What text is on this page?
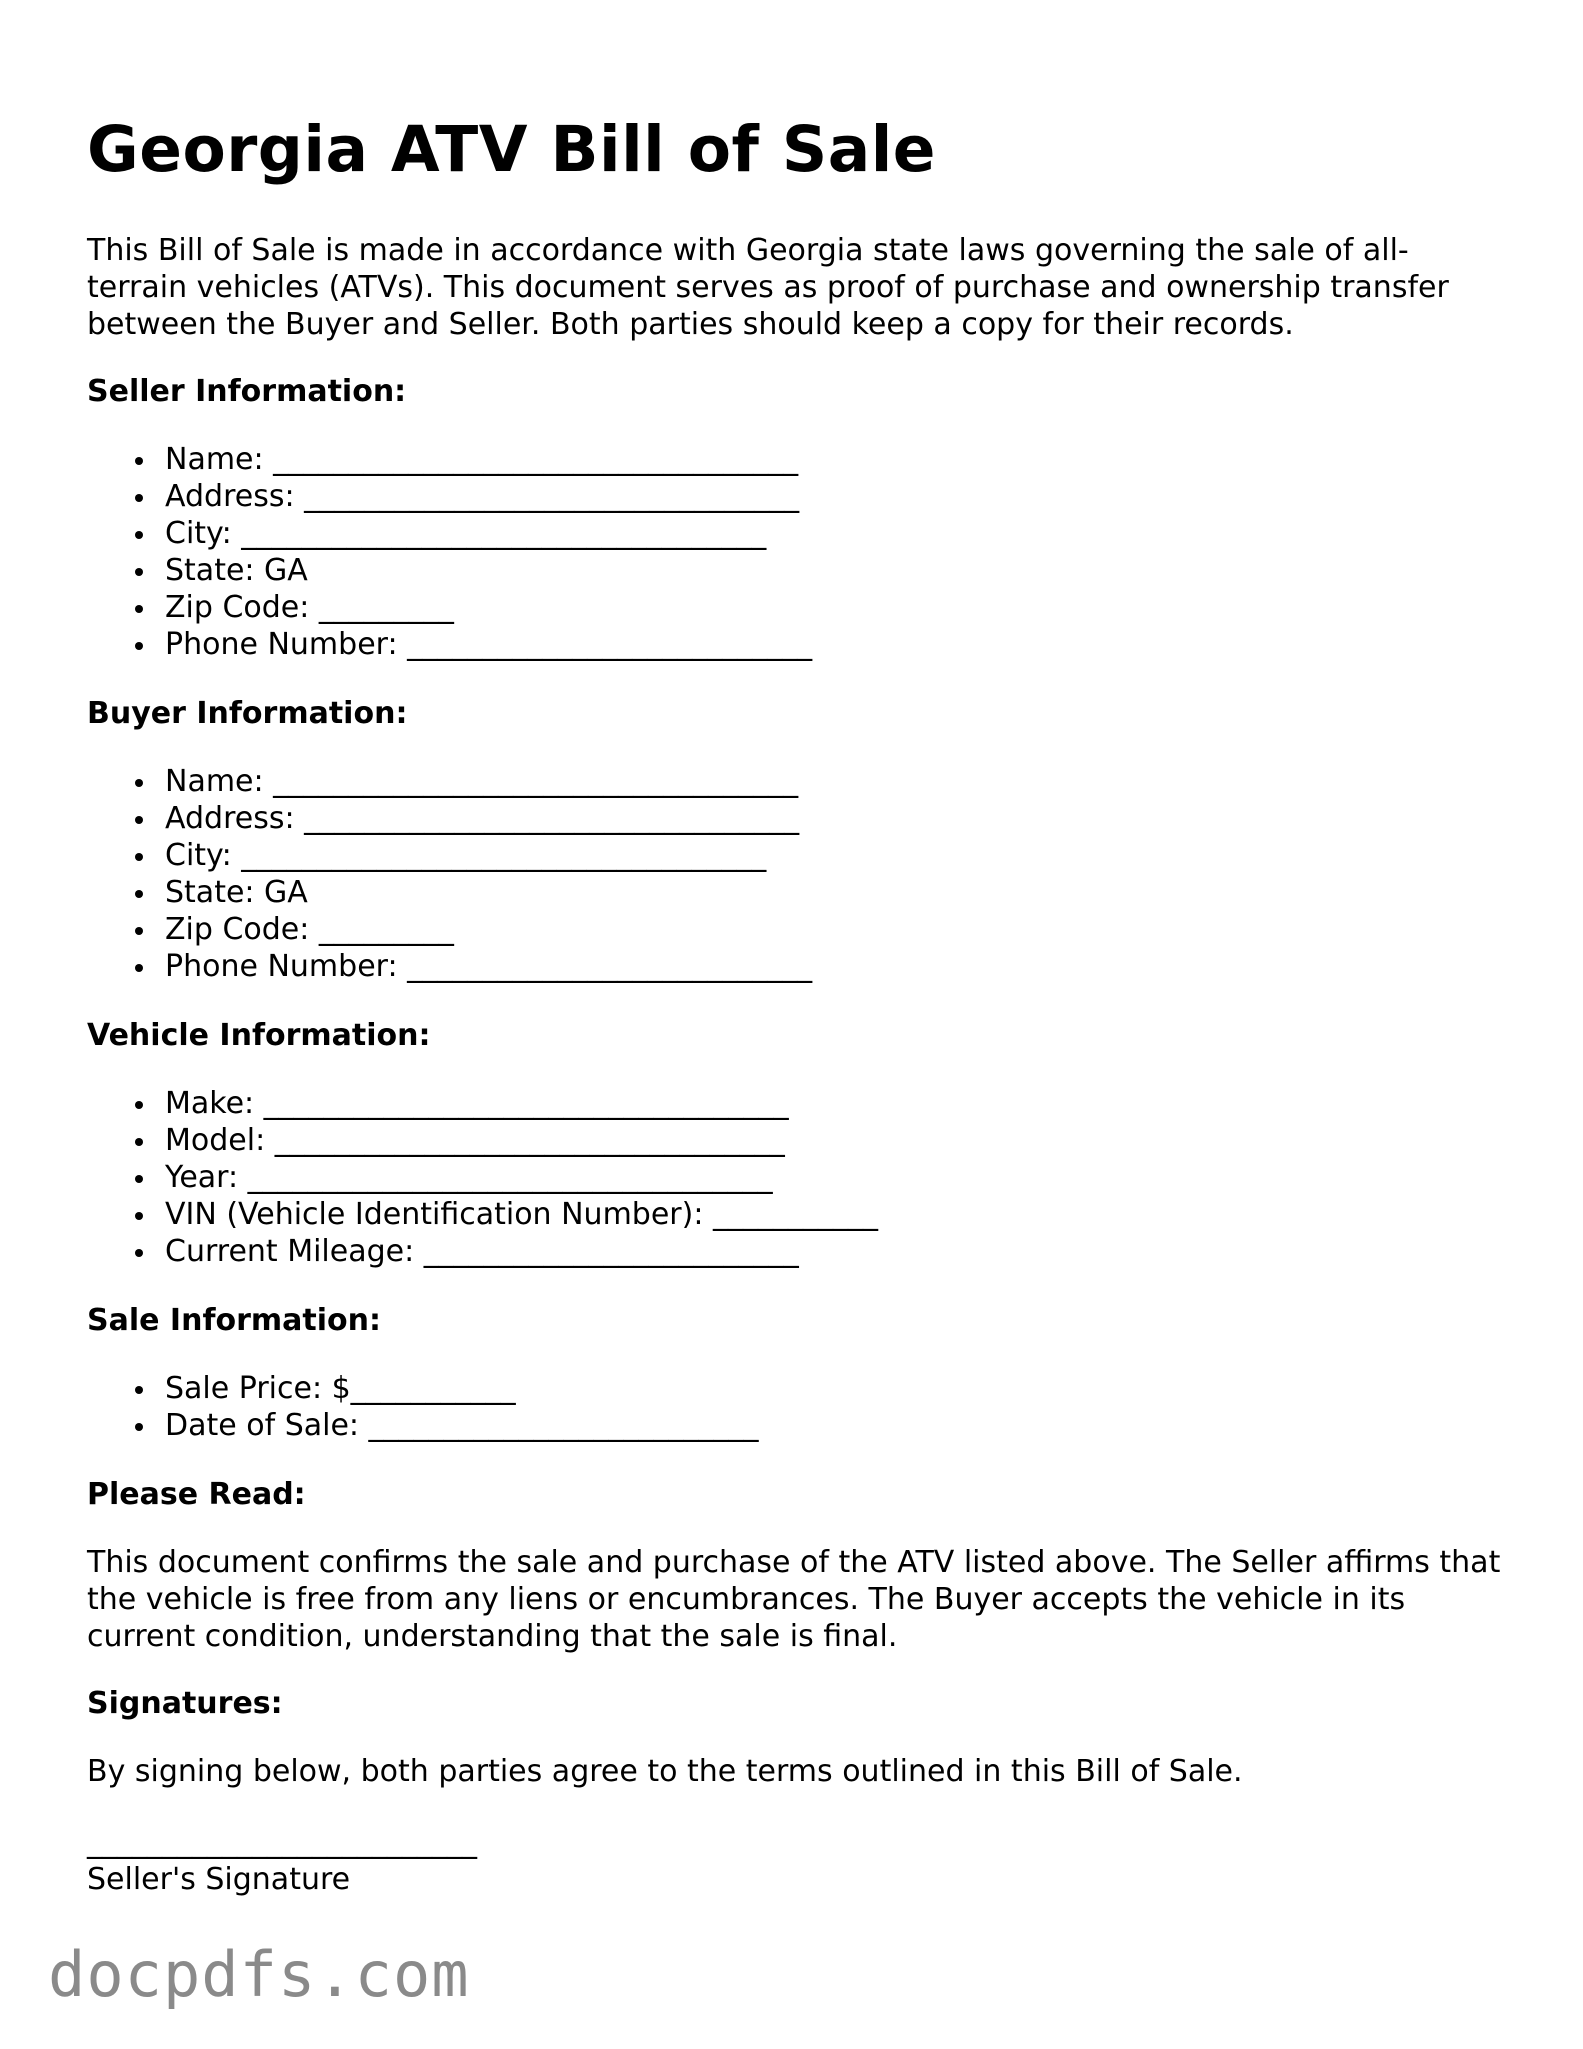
Georgia ATV Bill of Sale

This Bill of Sale is made in accordance with Georgia state laws governing the sale of all-terrain vehicles (ATVs). This document serves as proof of purchase and ownership transfer between the Buyer and Seller. Both parties should keep a copy for their records.

Seller Information:
Name: ___________________________________
Address: _________________________________
City: ___________________________________
State: GA
Zip Code: _________
Phone Number: ___________________________
Buyer Information:
Name: ___________________________________
Address: _________________________________
City: ___________________________________
State: GA
Zip Code: _________
Phone Number: ___________________________
Vehicle Information:
Make: ___________________________________
Model: __________________________________
Year: ___________________________________
VIN (Vehicle Identification Number): ___________
Current Mileage: _________________________
Sale Information:
Sale Price: $___________
Date of Sale: __________________________
Please Read:

This document confirms the sale and purchase of the ATV listed above. The Seller affirms that the vehicle is free from any liens or encumbrances. The Buyer accepts the vehicle in its current condition, understanding that the sale is final.

Signatures:

By signing below, both parties agree to the terms outlined in this Bill of Sale.

__________________________
Seller's Signature
docpdfs.com
